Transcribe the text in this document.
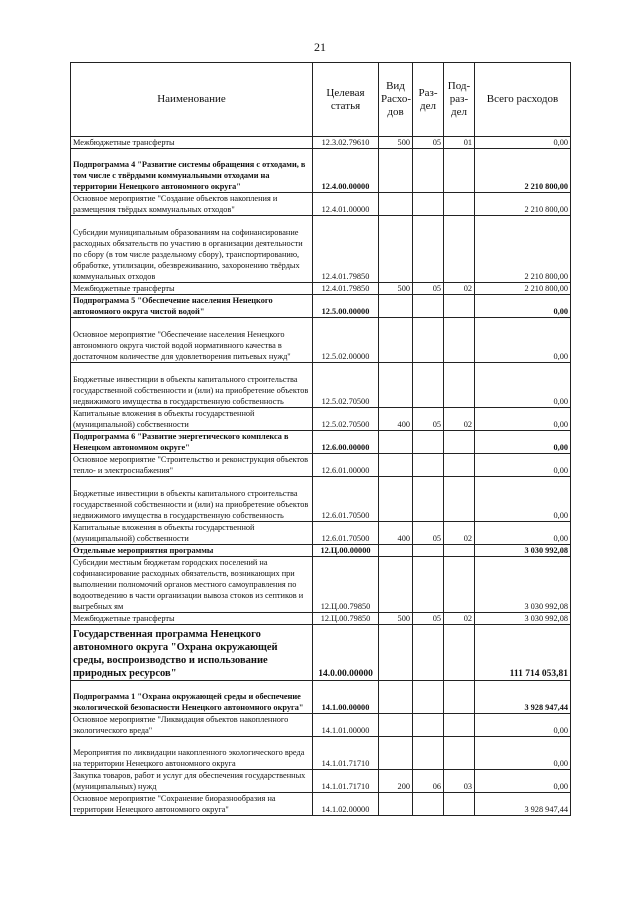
21
Наименование	Целевая статья	Вид Расхо-дов	Раз-дел	Под-раз-дел	Всего расходов
Межбюджетные трансферты	12.3.02.79610	500	05	01	0,00
Подпрограмма 4 "Развитие системы обращения с отходами, в том числе с твёрдыми коммунальными отходами на территории Ненецкого автономного округа"	12.4.00.00000				2 210 800,00
Основное мероприятие "Создание объектов накопления и размещения твёрдых коммунальных отходов"	12.4.01.00000				2 210 800,00
Субсидии муниципальным образованиям на софинансирование расходных обязательств по участию в организации деятельности по сбору (в том числе раздельному сбору), транспортированию, обработке, утилизации, обезвреживанию, захоронению твёрдых коммунальных отходов	12.4.01.79850				2 210 800,00
Межбюджетные трансферты	12.4.01.79850	500	05	02	2 210 800,00
Подпрограмма 5 "Обеспечение населения Ненецкого автономного округа чистой водой"	12.5.00.00000				0,00
Основное мероприятие "Обеспечение населения Ненецкого автономного округа чистой водой нормативного качества в достаточном количестве для удовлетворения питьевых нужд"	12.5.02.00000				0,00
Бюджетные инвестиции в объекты капитального строительства государственной собственности и (или) на приобретение объектов недвижимого имущества в государственную собственность	12.5.02.70500				0,00
Капитальные вложения в объекты государственной (муниципальной) собственности	12.5.02.70500	400	05	02	0,00
Подпрограмма 6 "Развитие энергетического комплекса в Ненецком автономном округе"	12.6.00.00000				0,00
Основное мероприятие "Строительство и реконструкция объектов тепло- и электроснабжения"	12.6.01.00000				0,00
Бюджетные инвестиции в объекты капитального строительства государственной собственности и (или) на приобретение объектов недвижимого имущества в государственную собственность	12.6.01.70500				0,00
Капитальные вложения в объекты государственной (муниципальной) собственности	12.6.01.70500	400	05	02	0,00
Отдельные мероприятия программы	12.Ц.00.00000				3 030 992,08
Субсидии местным бюджетам городских поселений на софинансирование расходных обязательств, возникающих при выполнении полномочий органов местного самоуправления по водоотведению в части организации вывоза стоков из септиков и выгребных ям	12.Ц.00.79850				3 030 992,08
Межбюджетные трансферты	12.Ц.00.79850	500	05	02	3 030 992,08
Государственная программа Ненецкого автономного округа "Охрана окружающей среды, воспроизводство и использование природных ресурсов"	14.0.00.00000				111 714 053,81
Подпрограмма 1 "Охрана окружающей среды и обеспечение экологической безопасности Ненецкого автономного округа"	14.1.00.00000				3 928 947,44
Основное мероприятие "Ликвидация объектов накопленного экологического вреда"	14.1.01.00000				0,00
Мероприятия по ликвидации накопленного экологического вреда на территории Ненецкого автономного округа	14.1.01.71710				0,00
Закупка товаров, работ и услуг для обеспечения государственных (муниципальных) нужд	14.1.01.71710	200	06	03	0,00
Основное мероприятие "Сохранение биоразнообразия на территории Ненецкого автономного округа"	14.1.02.00000				3 928 947,44
